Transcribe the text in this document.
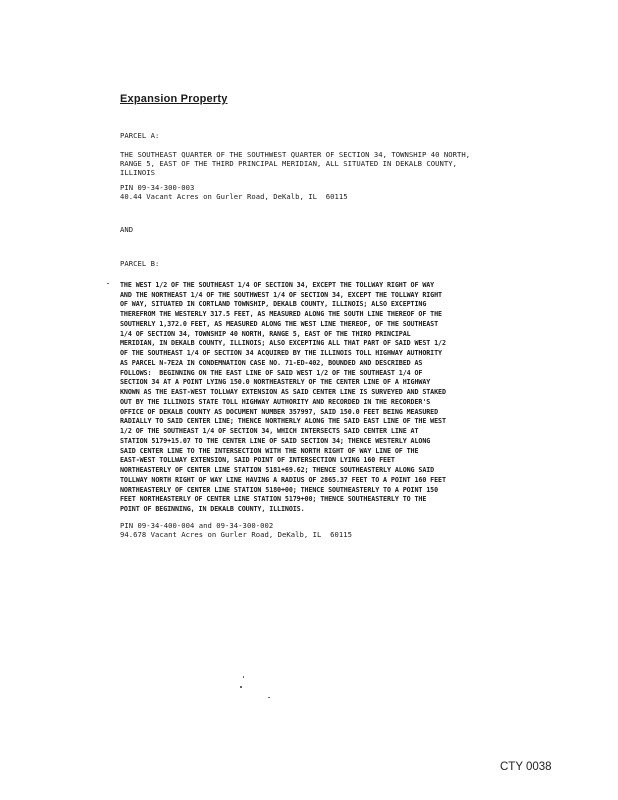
Expansion Property
PARCEL A:
THE SOUTHEAST QUARTER OF THE SOUTHWEST QUARTER OF SECTION 34, TOWNSHIP 40 NORTH,
RANGE 5, EAST OF THE THIRD PRINCIPAL MERIDIAN, ALL SITUATED IN DEKALB COUNTY,
ILLINOIS
PIN 09-34-300-003
40.44 Vacant Acres on Gurler Road, DeKalb, IL  60115
AND
PARCEL B:

THE WEST 1/2 OF THE SOUTHEAST 1/4 OF SECTION 34, EXCEPT THE TOLLWAY RIGHT OF WAY
AND THE NORTHEAST 1/4 OF THE SOUTHWEST 1/4 OF SECTION 34, EXCEPT THE TOLLWAY RIGHT
OF WAY, SITUATED IN CORTLAND TOWNSHIP, DEKALB COUNTY, ILLINOIS; ALSO EXCEPTING
THEREFROM THE WESTERLY 317.5 FEET, AS MEASURED ALONG THE SOUTH LINE THEREOF OF THE
SOUTHERLY 1,372.0 FEET, AS MEASURED ALONG THE WEST LINE THEREOF, OF THE SOUTHEAST
1/4 OF SECTION 34, TOWNSHIP 40 NORTH, RANGE 5, EAST OF THE THIRD PRINCIPAL
MERIDIAN, IN DEKALB COUNTY, ILLINOIS; ALSO EXCEPTING ALL THAT PART OF SAID WEST 1/2
OF THE SOUTHEAST 1/4 OF SECTION 34 ACQUIRED BY THE ILLINOIS TOLL HIGHWAY AUTHORITY
AS PARCEL N-7E2A IN CONDEMNATION CASE NO. 71-ED-402, BOUNDED AND DESCRIBED AS
FOLLOWS:  BEGINNING ON THE EAST LINE OF SAID WEST 1/2 OF THE SOUTHEAST 1/4 OF
SECTION 34 AT A POINT LYING 150.0 NORTHEASTERLY OF THE CENTER LINE OF A HIGHWAY
KNOWN AS THE EAST-WEST TOLLWAY EXTENSION AS SAID CENTER LINE IS SURVEYED AND STAKED
OUT BY THE ILLINOIS STATE TOLL HIGHWAY AUTHORITY AND RECORDED IN THE RECORDER'S
OFFICE OF DEKALB COUNTY AS DOCUMENT NUMBER 357997, SAID 150.0 FEET BEING MEASURED
RADIALLY TO SAID CENTER LINE; THENCE NORTHERLY ALONG THE SAID EAST LINE OF THE WEST
1/2 OF THE SOUTHEAST 1/4 OF SECTION 34, WHICH INTERSECTS SAID CENTER LINE AT
STATION 5179+15.07 TO THE CENTER LINE OF SAID SECTION 34; THENCE WESTERLY ALONG
SAID CENTER LINE TO THE INTERSECTION WITH THE NORTH RIGHT OF WAY LINE OF THE
EAST-WEST TOLLWAY EXTENSION, SAID POINT OF INTERSECTION LYING 160 FEET
NORTHEASTERLY OF CENTER LINE STATION 5181+69.62; THENCE SOUTHEASTERLY ALONG SAID
TOLLWAY NORTH RIGHT OF WAY LINE HAVING A RADIUS OF 2865.37 FEET TO A POINT 160 FEET
NORTHEASTERLY OF CENTER LINE STATION 5180+00; THENCE SOUTHEASTERLY TO A POINT 150
FEET NORTHEASTERLY OF CENTER LINE STATION 5179+00; THENCE SOUTHEASTERLY TO THE
POINT OF BEGINNING, IN DEKALB COUNTY, ILLINOIS.

PIN 09-34-400-004 and 09-34-300-002
94.678 Vacant Acres on Gurler Road, DeKalb, IL  60115
CTY 0038
